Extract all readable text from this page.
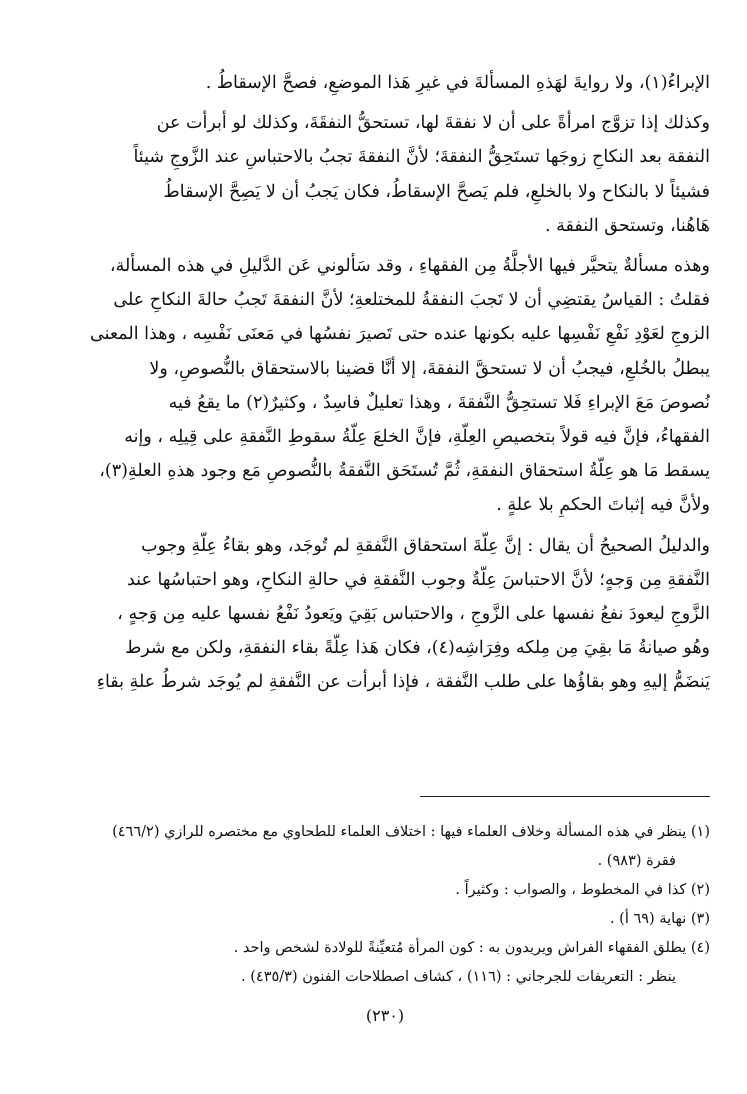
الإبراءُ(١)، ولا روايةَ لهَذهِ المسألةَ في غيرِ هَذا الموضعِ، فصحَّ الإسقاطُ .
وكذلك إذا تزوَّج امرأةً على أن لا نفقةَ لها، تستحقُّ النفقَةَ، وكذلك لو أبرأت عن
النفقة بعد النكاحِ زوجَها تستَحِقُّ النفقةَ؛ لأنَّ النفقةَ تجبُ بالاحتباسِ عند الزَّوجِ شيئاً
فشيئاً لا بالنكاح ولا بالخلعِ، فلم يَصحَّ الإسقاطُ، فكان يَجبُ أن لا يَصِحَّ الإسقاطُ
هَاهُنا، وتستحق النفقة .
وهذه مسألةٌ يتحيَّر فيها الأجلَّةُ مِن الفقهاءِ ، وقد سَألوني عَن الدَّليلِ في هذه المسألة،
فقلتُ : القياسُ يقتضِي أن لا تَجبَ النفقةُ للمختلعةِ؛ لأنَّ النفقةَ تَجبُ حالةَ النكاحِ على
الزوجِ لعَوْدِ نَفْعِ نَفْسِها عليه بكونها عنده حتى تَصيرَ نفسُها في مَعنَى نَفْسِه ، وهذا المعنى
يبطلُ بالخُلعِ، فيجبُ أن لا تستحقَّ النفقةَ، إلا أنَّا قضينا بالاستحقاق بالنُّصوصِ، ولا
نُصوصَ مَعَ الإبراءِ فَلا تستحِقُّ النَّفقةَ ، وهذا تعليلٌ فاسِدٌ ، وكثيرٌ(٢) ما يقعُ فيه
الفقهاءُ، فإنَّ فيه قولاً بتخصيصِ العِلّةِ، فإنَّ الخلعَ عِلّةُ سقوطِ النَّفقةِ على قِيلِه ، وإنه
يسقط مَا هو عِلّةُ استحقاق النفقةِ، ثُمَّ تُستَحَق النَّفقةُ بالنُّصوصِ مَع وجود هذهِ العلةِ(٣)،
ولأنَّ فيه إثباتَ الحكمِ بلا علةٍ .
والدليلُ الصحيحُ أن يقال : إنَّ عِلّةَ استحقاق النَّفقةِ لم تُوجَد، وهو بقاءُ عِلّةِ وجوب
النَّفقةِ مِن وَجهٍ؛ لأنَّ الاحتباسَ عِلّةُ وجوب النَّفقةِ في حالةِ النكاحِ، وهو احتباسُها عند
الزَّوجِ ليعودَ نفعُ نفسها على الزَّوجِ ، والاحتباس بَقِيَ ويَعودُ نَفْعُ نفسها عليه مِن وَجهٍ ،
وهُو صيانةُ مَا بقِيَ مِن مِلكه وفِرَاشِه(٤)، فكان هَذا عِلّةً بقاء النفقةِ، ولكن مع شرط
يَنضَمُّ إليهِ وهو بقاؤُها على طلب النَّفقة ، فإذا أبرأت عن النَّفقةِ لم يُوجَد شرطُ علةِ بقاءِ
(١) ينظر في هذه المسألة وخلاف العلماء فيها : اختلاف العلماء للطحاوي مع مختصره للرازي (٤٦٦/٢)
فقرة (٩٨٣) .
(٢) كذا في المخطوط ، والصواب : وكثيراً .
(٣) نهاية (٦٩ أ) .
(٤) يطلق الفقهاء الفراش ويريدون به : كون المرأة مُتعيِّنةً للولادة لشخص واحد .
ينظر : التعريفات للجرجاني : (١١٦) ، كشاف اصطلاحات الفنون (٤٣٥/٣) .
(٢٣٠)
